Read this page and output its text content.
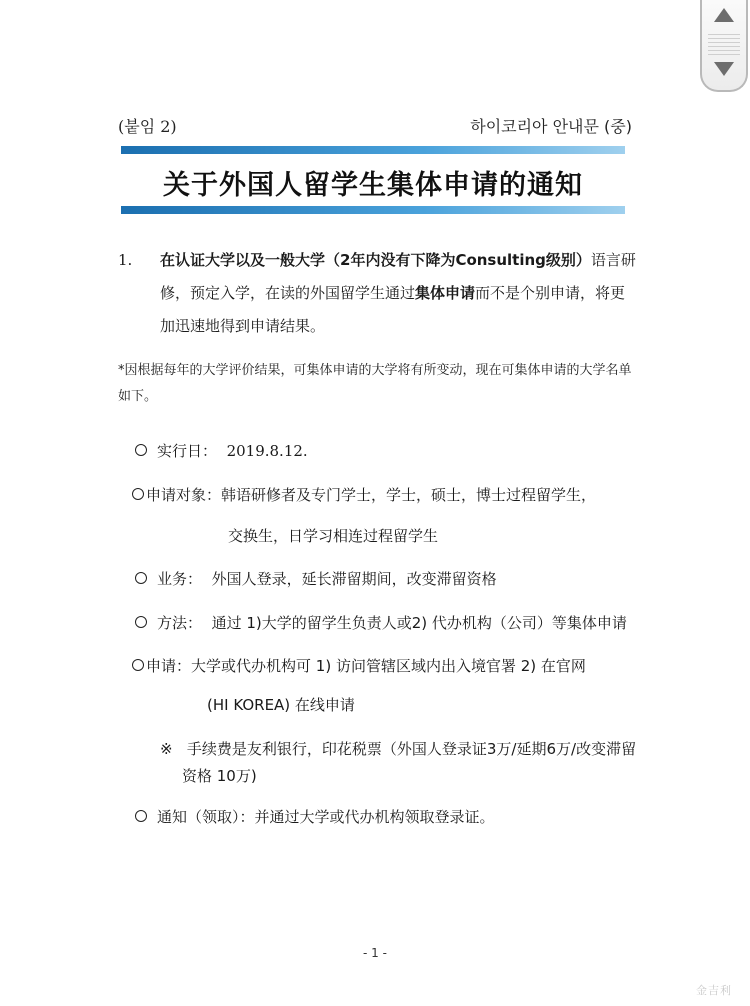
(붙임 2)	하이코리아 안내문 (중)
关于外国人留学生集体申请的通知
1. 在认证大学以及一般大学（2年内没有下降为Consulting级别）语言研修，预定入学，在读的外国留学生通过集体申请而不是个别申请，将更加迅速地得到申请结果。
*因根据每年的大学评价结果，可集体申请的大学将有所变动，现在可集体申请的大学名单如下。
实行日： 2019.8.12.
申请对象：韩语研修者及专门学士，学士，硕士，博士过程留学生，
交换生，日学习相连过程留学生
业务： 外国人登录，延长滞留期间，改变滞留资格
方法： 通过 1)大学的留学生负责人或2) 代办机构（公司）等集体申请
申请：大学或代办机构可 1) 访问管辖区域内出入境官署 2) 在官网
(HI KOREA) 在线申请
※ 手续费是友利银行，印花税票（外国人登录证3万/延期6万/改变滞留
资格 10万)
通知（领取）：并通过大学或代办机构领取登录证。
- 1 -
金吉利
